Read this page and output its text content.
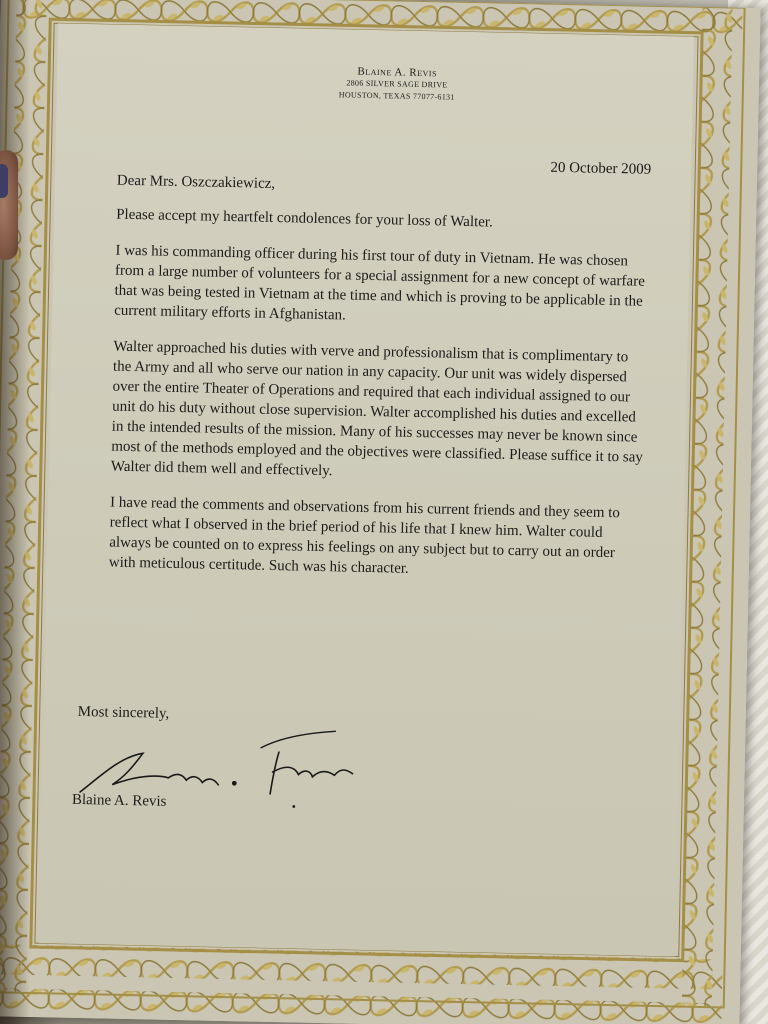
Blaine A. Revis
2806 SILVER SAGE DRIVE
HOUSTON, TEXAS 77077-6131
20 October 2009

Dear Mrs. Oszczakiewicz,

Please accept my heartfelt condolences for your loss of Walter.

I was his commanding officer during his first tour of duty in Vietnam. He was chosen from a large number of volunteers for a special assignment for a new concept of warfare that was being tested in Vietnam at the time and which is proving to be applicable in the current military efforts in Afghanistan.

Walter approached his duties with verve and professionalism that is complimentary to the Army and all who serve our nation in any capacity. Our unit was widely dispersed over the entire Theater of Operations and required that each individual assigned to our unit do his duty without close supervision. Walter accomplished his duties and excelled in the intended results of the mission. Many of his successes may never be known since most of the methods employed and the objectives were classified. Please suffice it to say Walter did them well and effectively.

I have read the comments and observations from his current friends and they seem to reflect what I observed in the brief period of his life that I knew him. Walter could always be counted on to express his feelings on any subject but to carry out an order with meticulous certitude. Such was his character.

Most sincerely,
Blaine A. Revis
